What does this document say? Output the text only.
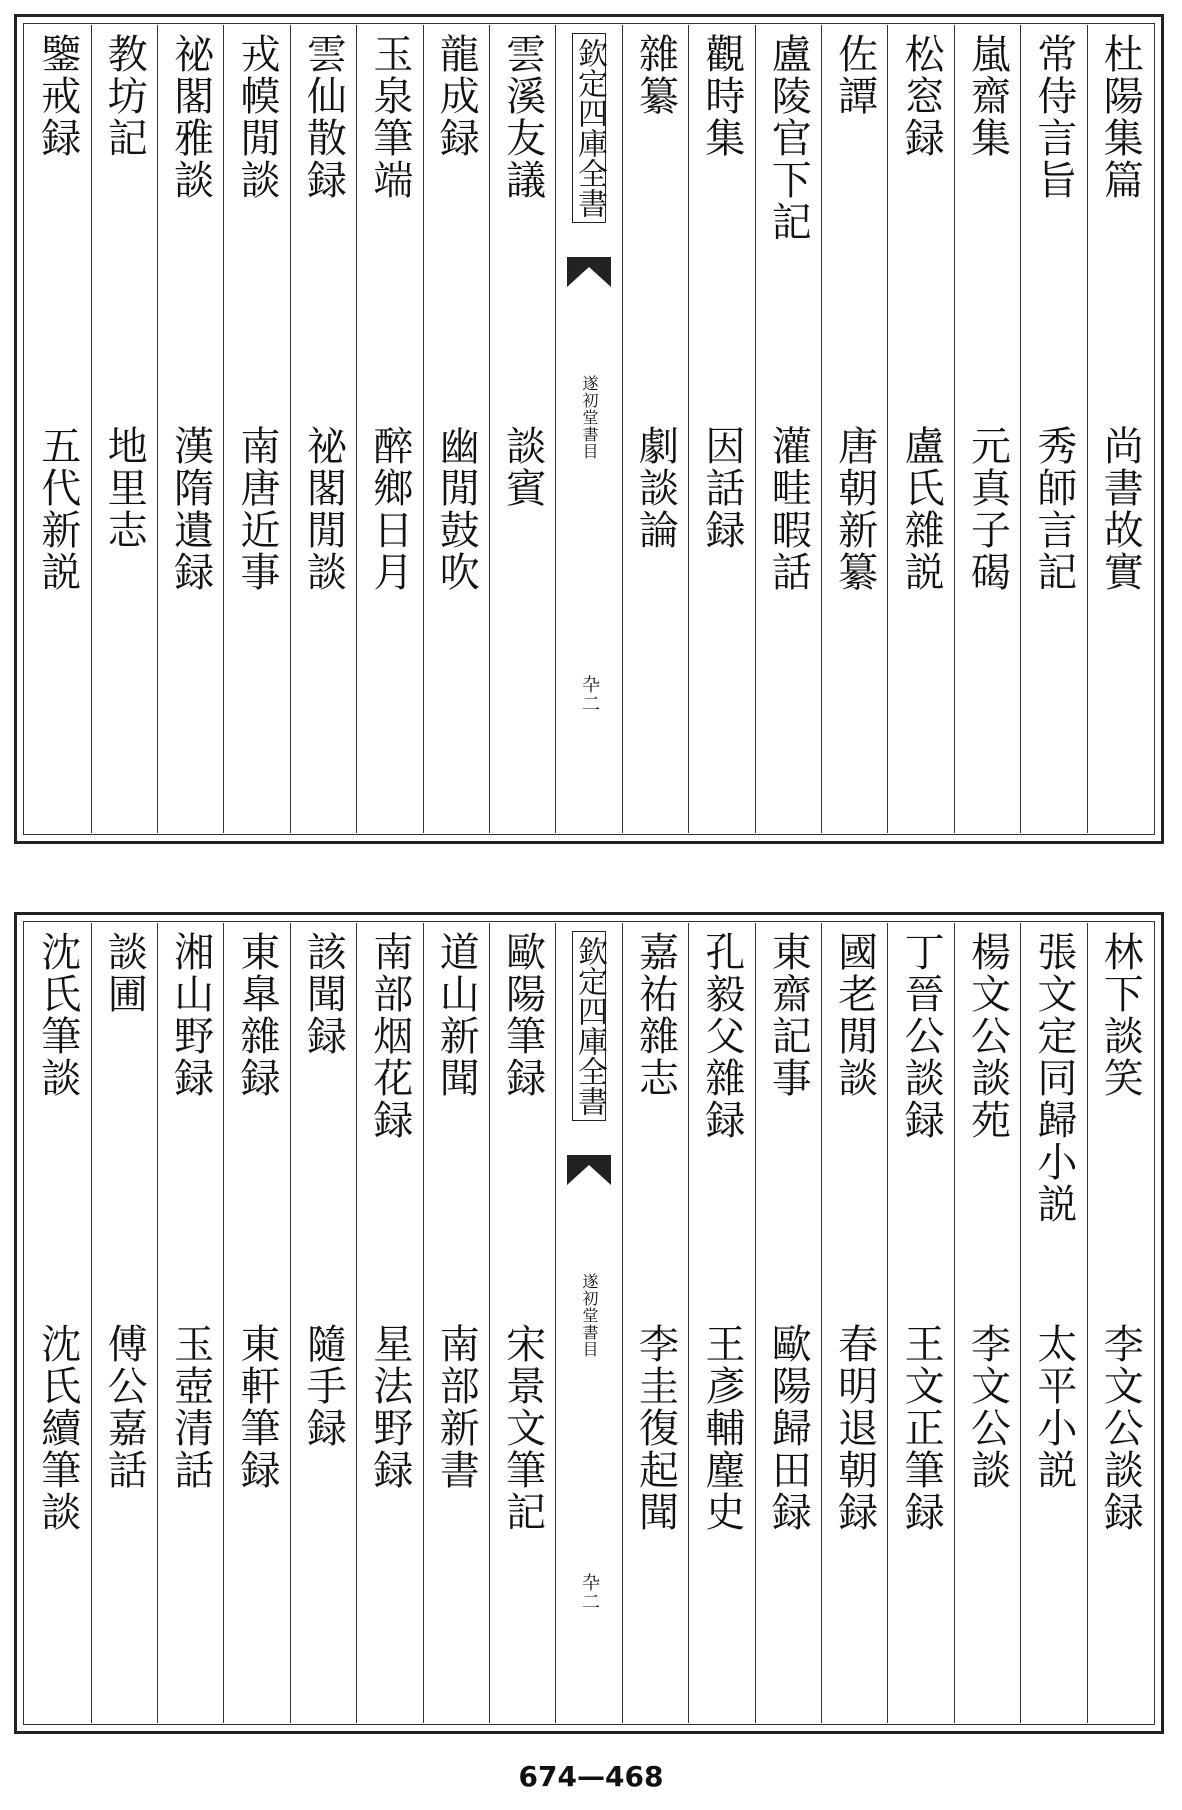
杜陽集篇
尚書故實
常侍言旨
秀師言記
嵐齋集
元真子碣
松窓録
盧氏雜説
佐譚
唐朝新纂
盧陵官下記
灌畦暇話
觀時集
因話録
雜纂
劇談論
欽定四庫全書
遂初堂書目
卆二
雲溪友議
談賓
龍成録
幽閒鼓吹
玉泉筆端
醉鄉日月
雲仙散録
祕閣閒談
戎幙閒談
南唐近事
祕閣雅談
漢隋遺録
教坊記
地里志
鑒戒録
五代新説
林下談笑
李文公談録
張文定同歸小説
太平小説
楊文公談苑
李文公談
丁晉公談録
王文正筆録
國老閒談
春明退朝録
東齋記事
歐陽歸田録
孔毅父雜録
王彥輔麈史
嘉祐雜志
李圭復起聞
欽定四庫全書
遂初堂書目
卆二
歐陽筆録
宋景文筆記
道山新聞
南部新書
南部烟花録
星法野録
該聞録
隨手録
東臯雜録
東軒筆録
湘山野録
玉壺清話
談圃
傅公嘉話
沈氏筆談
沈氏續筆談
674—468
